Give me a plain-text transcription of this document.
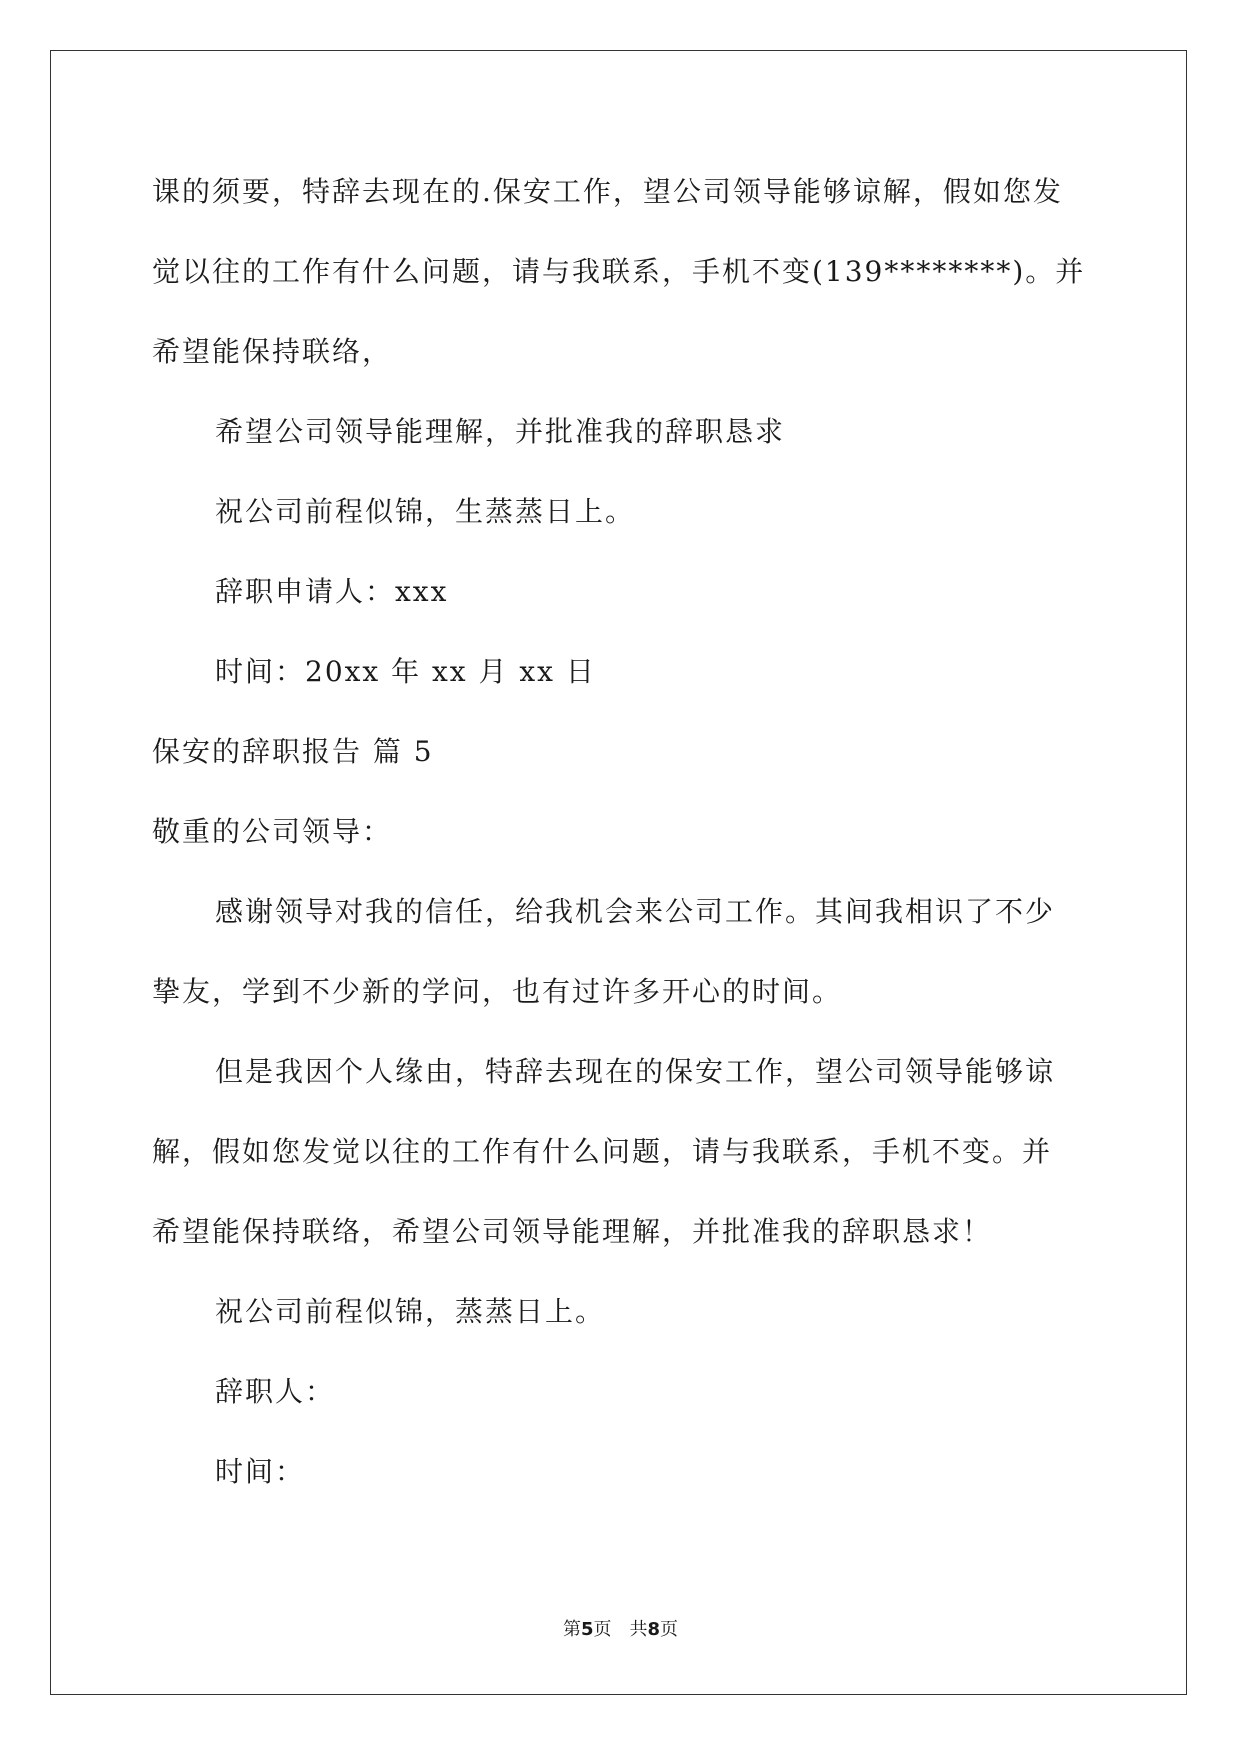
课的须要，特辞去现在的.保安工作，望公司领导能够谅解，假如您发
觉以往的工作有什么问题，请与我联系，手机不变(139********)。并
希望能保持联络，
希望公司领导能理解，并批准我的辞职恳求
祝公司前程似锦，生蒸蒸日上。
辞职申请人：xxx
时间：20xx 年 xx 月 xx 日
保安的辞职报告 篇 5
敬重的公司领导：
感谢领导对我的信任，给我机会来公司工作。其间我相识了不少
挚友，学到不少新的学问，也有过许多开心的时间。
但是我因个人缘由，特辞去现在的保安工作，望公司领导能够谅
解，假如您发觉以往的工作有什么问题，请与我联系，手机不变。并
希望能保持联络，希望公司领导能理解，并批准我的辞职恳求！
祝公司前程似锦，蒸蒸日上。
辞职人：
时间：
第5页　共8页
